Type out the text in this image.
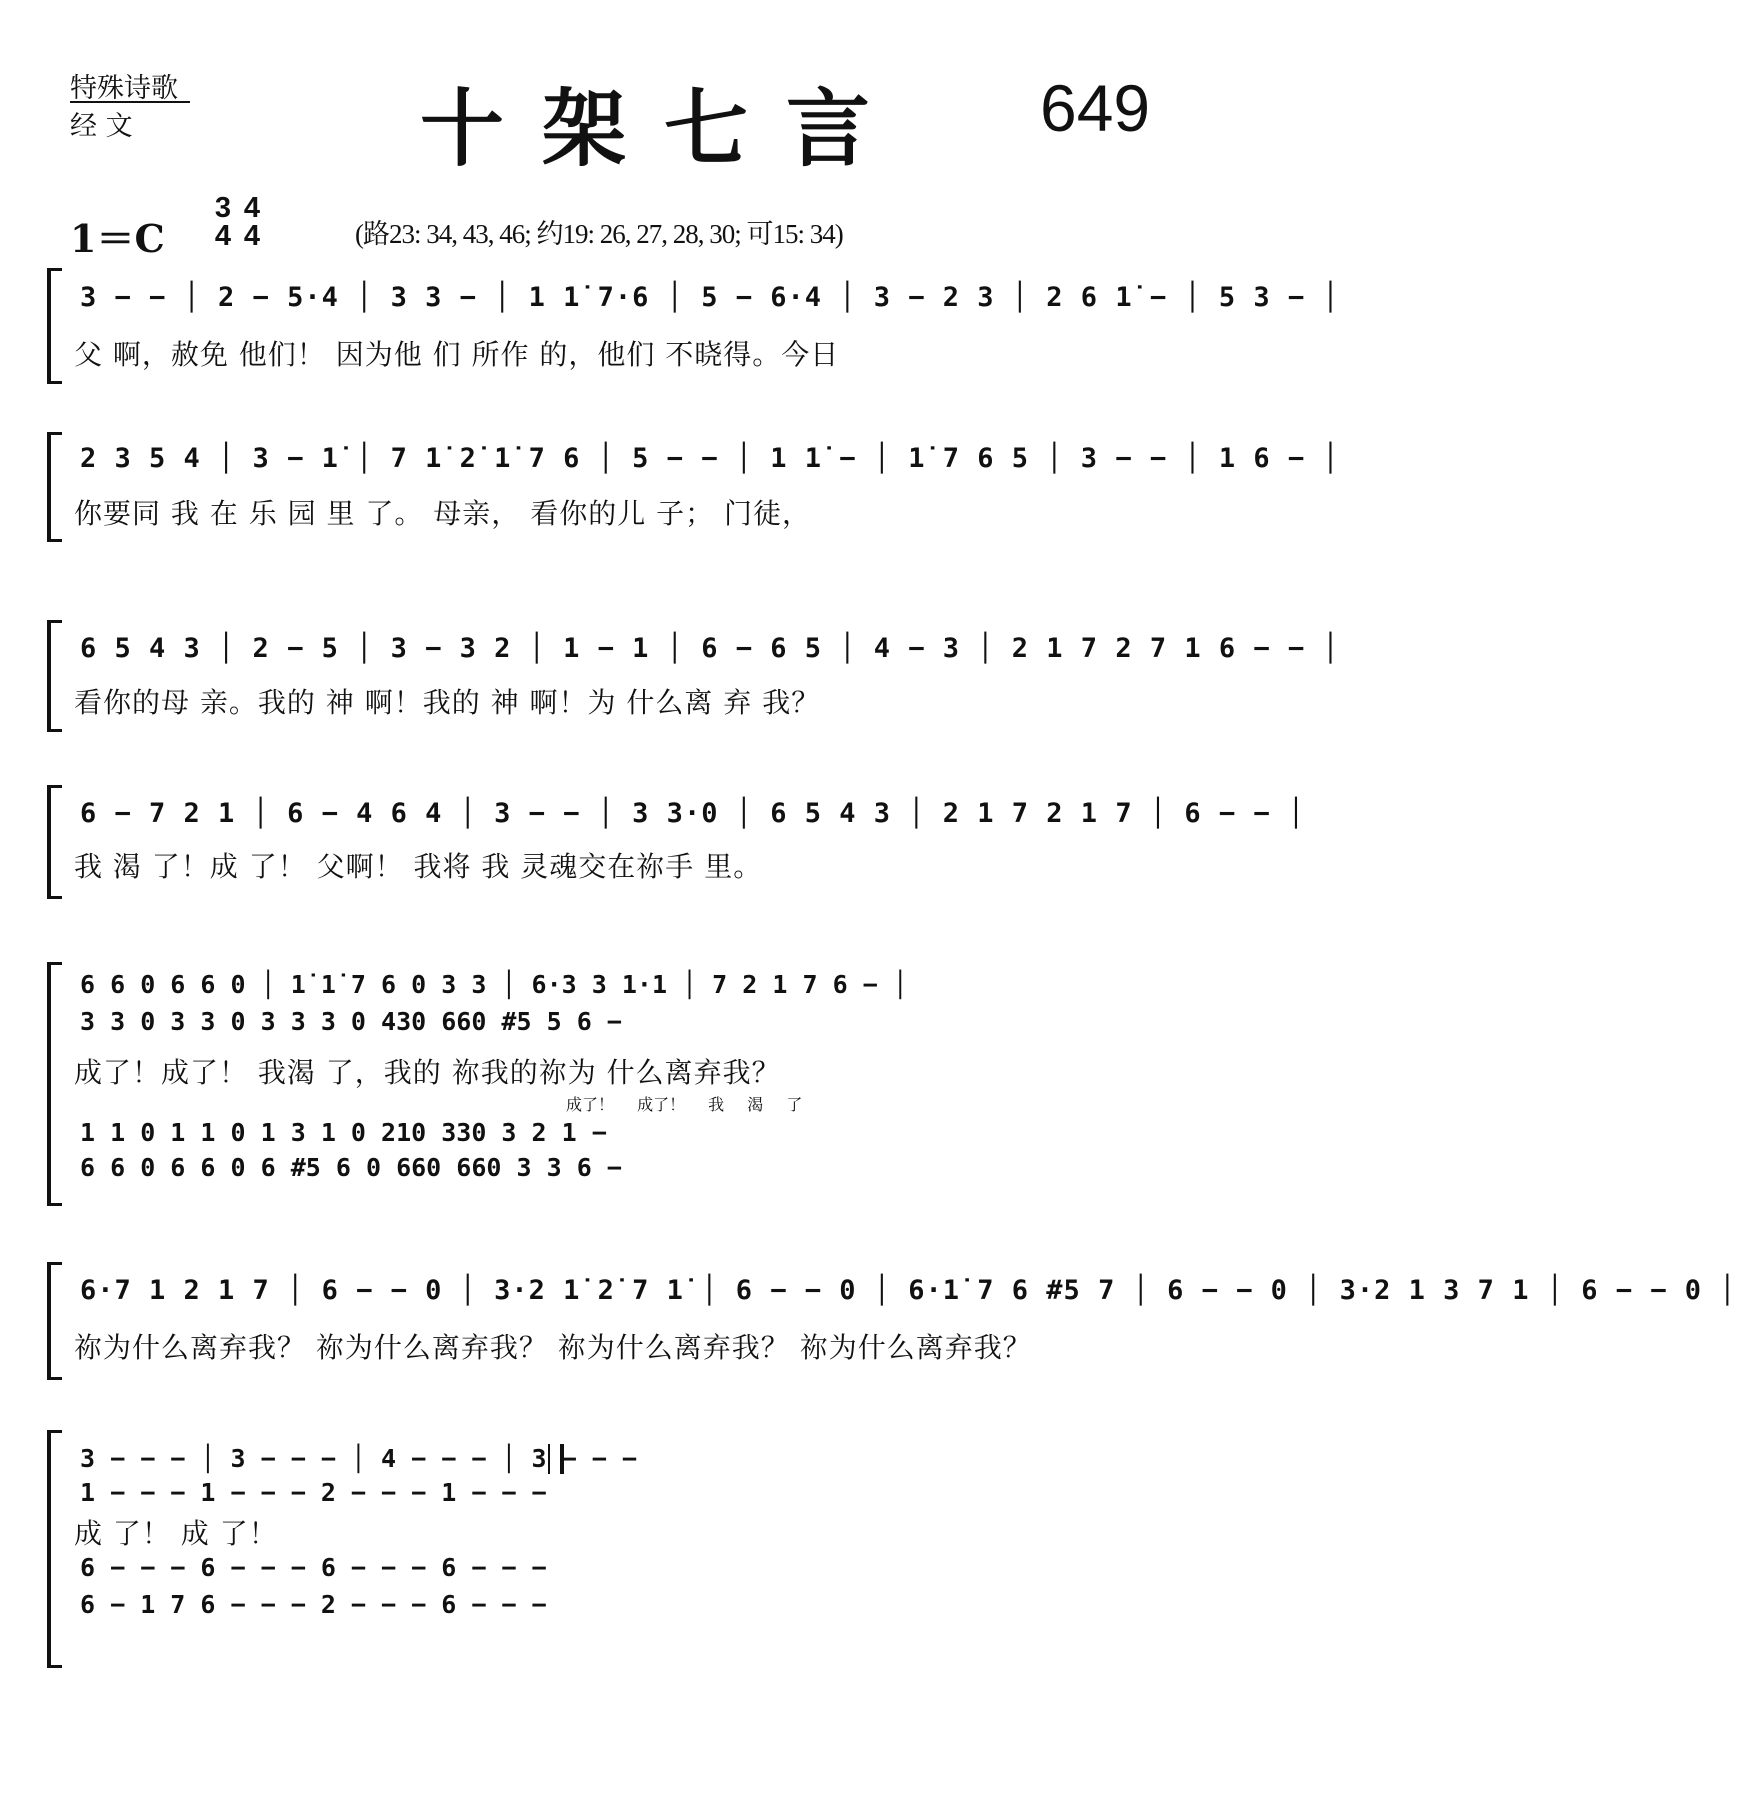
特殊诗歌
经 文	十架七言 649
1＝C
3
4
4
4	(路23: 34, 43, 46; 约19: 26, 27, 28, 30; 可15: 34)
3 − − │ 2 − 5·4 │ 3 3 − │ 1 1̇ 7·6 │ 5 − 6·4 │ 3 − 2 3 │ 2 6 1̇ − │ 5 3 − │
父 啊，赦免 他们！ 因为他 们 所作 的，他们 不晓得。今日
2 3 5 4 │ 3 − 1̇ │ 7 1̇ 2̇ 1̇ 7 6 │ 5 − − │ 1 1̇ − │ 1̇ 7 6 5 │ 3 − − │ 1 6 − │
你要同 我 在 乐 园 里 了。 母亲， 看你的儿 子； 门徒，
6 5 4 3 │ 2 − 5 │ 3 − 3 2 │ 1 − 1 │ 6 − 6 5 │ 4 − 3 │ 2 1 7 2 7 1 6 − − │
看你的母 亲。我的 神 啊！我的 神 啊！为 什么离 弃 我？
6 − 7 2 1 │ 6 − 4 6 4 │ 3 − − │ 3 3·0 │ 6 5 4 3 │ 2 1 7 2 1 7 │ 6 − − │
我 渴 了！成 了！ 父啊！ 我将 我 灵魂交在祢手 里。
6 6 0 6 6 0 │ 1̇ 1̇ 7 6 0 3 3 │ 6·3 3 1·1 │ 7 2 1 7 6 − │
3 3 0 3 3 0 3 3 3 0 430 660 #5 5 6 −
成了！成了！ 我渴 了，我的 祢我的祢为 什么离弃我？
成了！ 成了！ 我 渴 了
1 1 0 1 1 0 1 3 1 0 210 330 3 2 1 −
6 6 0 6 6 0 6 #5 6 0 660 660 3 3 6 −
6·7 1 2 1 7 │ 6 − − 0 │ 3·2 1̇ 2̇ 7 1̇ │ 6 − − 0 │ 6·1̇ 7 6 #5 7 │ 6 − − 0 │ 3·2 1 3 7 1 │ 6 − − 0 │
祢为什么离弃我？ 祢为什么离弃我？ 祢为什么离弃我？ 祢为什么离弃我？
3 − − − │ 3 − − − │ 4 − − − │ 3 − − −
1 − − − 1 − − − 2 − − − 1 − − −
成 了！ 成 了！
6 − − − 6 − − − 6 − − − 6 − − −
6 − 1 7 6 − − − 2 − − − 6 − − −
